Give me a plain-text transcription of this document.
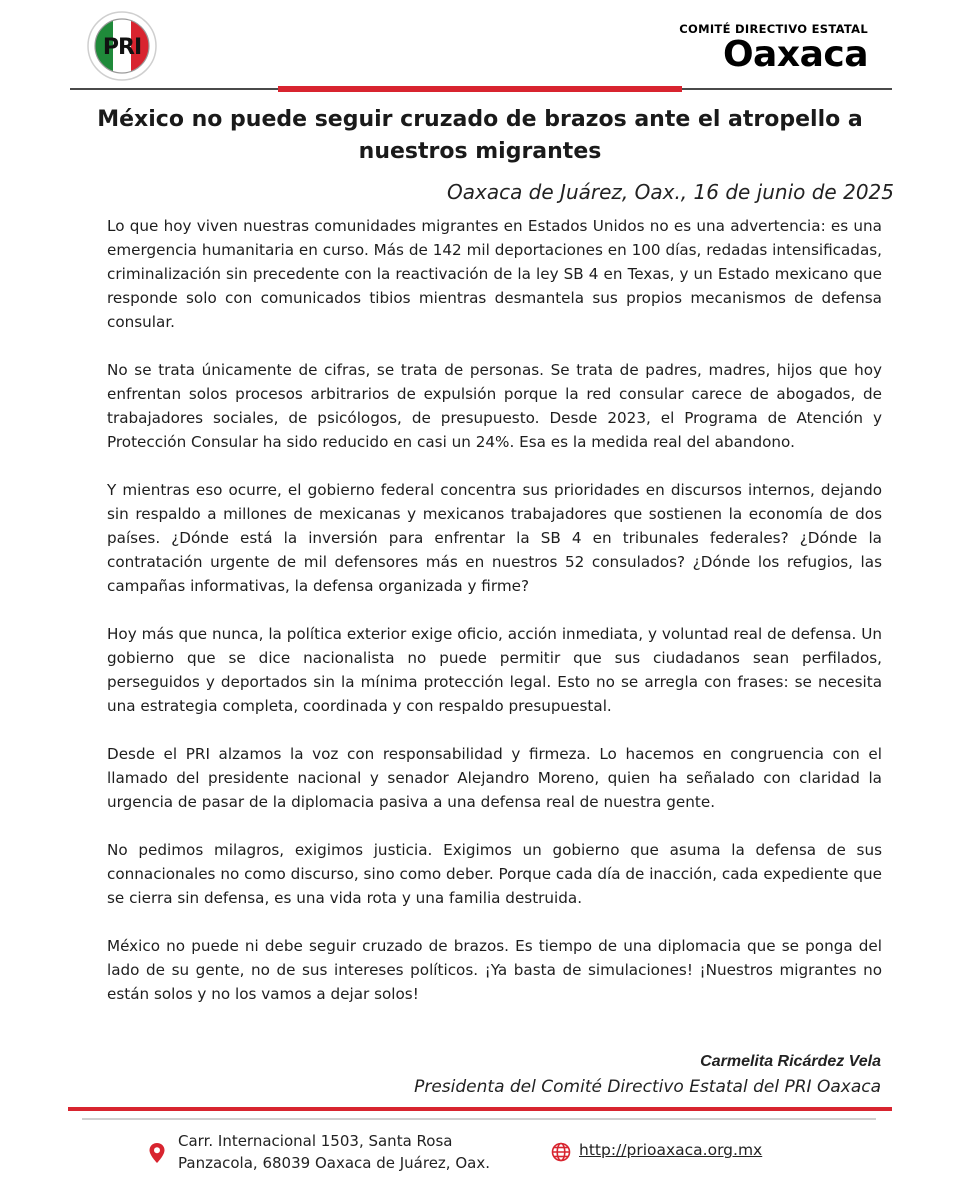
PRI
COMITÉ DIRECTIVO ESTATAL
Oaxaca
México no puede seguir cruzado de brazos ante el atropello a nuestros migrantes
Oaxaca de Juárez, Oax., 16 de junio de 2025

Lo que hoy viven nuestras comunidades migrantes en Estados Unidos no es una advertencia: es una emergencia humanitaria en curso. Más de 142 mil deportaciones en 100 días, redadas intensificadas, criminalización sin precedente con la reactivación de la ley SB 4 en Texas, y un Estado mexicano que responde solo con comunicados tibios mientras desmantela sus propios mecanismos de defensa consular.

No se trata únicamente de cifras, se trata de personas. Se trata de padres, madres, hijos que hoy enfrentan solos procesos arbitrarios de expulsión porque la red consular carece de abogados, de trabajadores sociales, de psicólogos, de presupuesto. Desde 2023, el Programa de Atención y Protección Consular ha sido reducido en casi un 24%. Esa es la medida real del abandono.

Y mientras eso ocurre, el gobierno federal concentra sus prioridades en discursos internos, dejando sin respaldo a millones de mexicanas y mexicanos trabajadores que sostienen la economía de dos países. ¿Dónde está la inversión para enfrentar la SB 4 en tribunales federales? ¿Dónde la contratación urgente de mil defensores más en nuestros 52 consulados? ¿Dónde los refugios, las campañas informativas, la defensa organizada y firme?

Hoy más que nunca, la política exterior exige oficio, acción inmediata, y voluntad real de defensa. Un gobierno que se dice nacionalista no puede permitir que sus ciudadanos sean perfilados, perseguidos y deportados sin la mínima protección legal. Esto no se arregla con frases: se necesita una estrategia completa, coordinada y con respaldo presupuestal.

Desde el PRI alzamos la voz con responsabilidad y firmeza. Lo hacemos en congruencia con el llamado del presidente nacional y senador Alejandro Moreno, quien ha señalado con claridad la urgencia de pasar de la diplomacia pasiva a una defensa real de nuestra gente.

No pedimos milagros, exigimos justicia. Exigimos un gobierno que asuma la defensa de sus connacionales no como discurso, sino como deber. Porque cada día de inacción, cada expediente que se cierra sin defensa, es una vida rota y una familia destruida.

México no puede ni debe seguir cruzado de brazos. Es tiempo de una diplomacia que se ponga del lado de su gente, no de sus intereses políticos. ¡Ya basta de simulaciones! ¡Nuestros migrantes no están solos y no los vamos a dejar solos!

Carmelita Ricárdez Vela
Presidenta del Comité Directivo Estatal del PRI Oaxaca
Carr. Internacional 1503, Santa Rosa
Panzacola, 68039 Oaxaca de Juárez, Oax.
http://prioaxaca.org.mx
